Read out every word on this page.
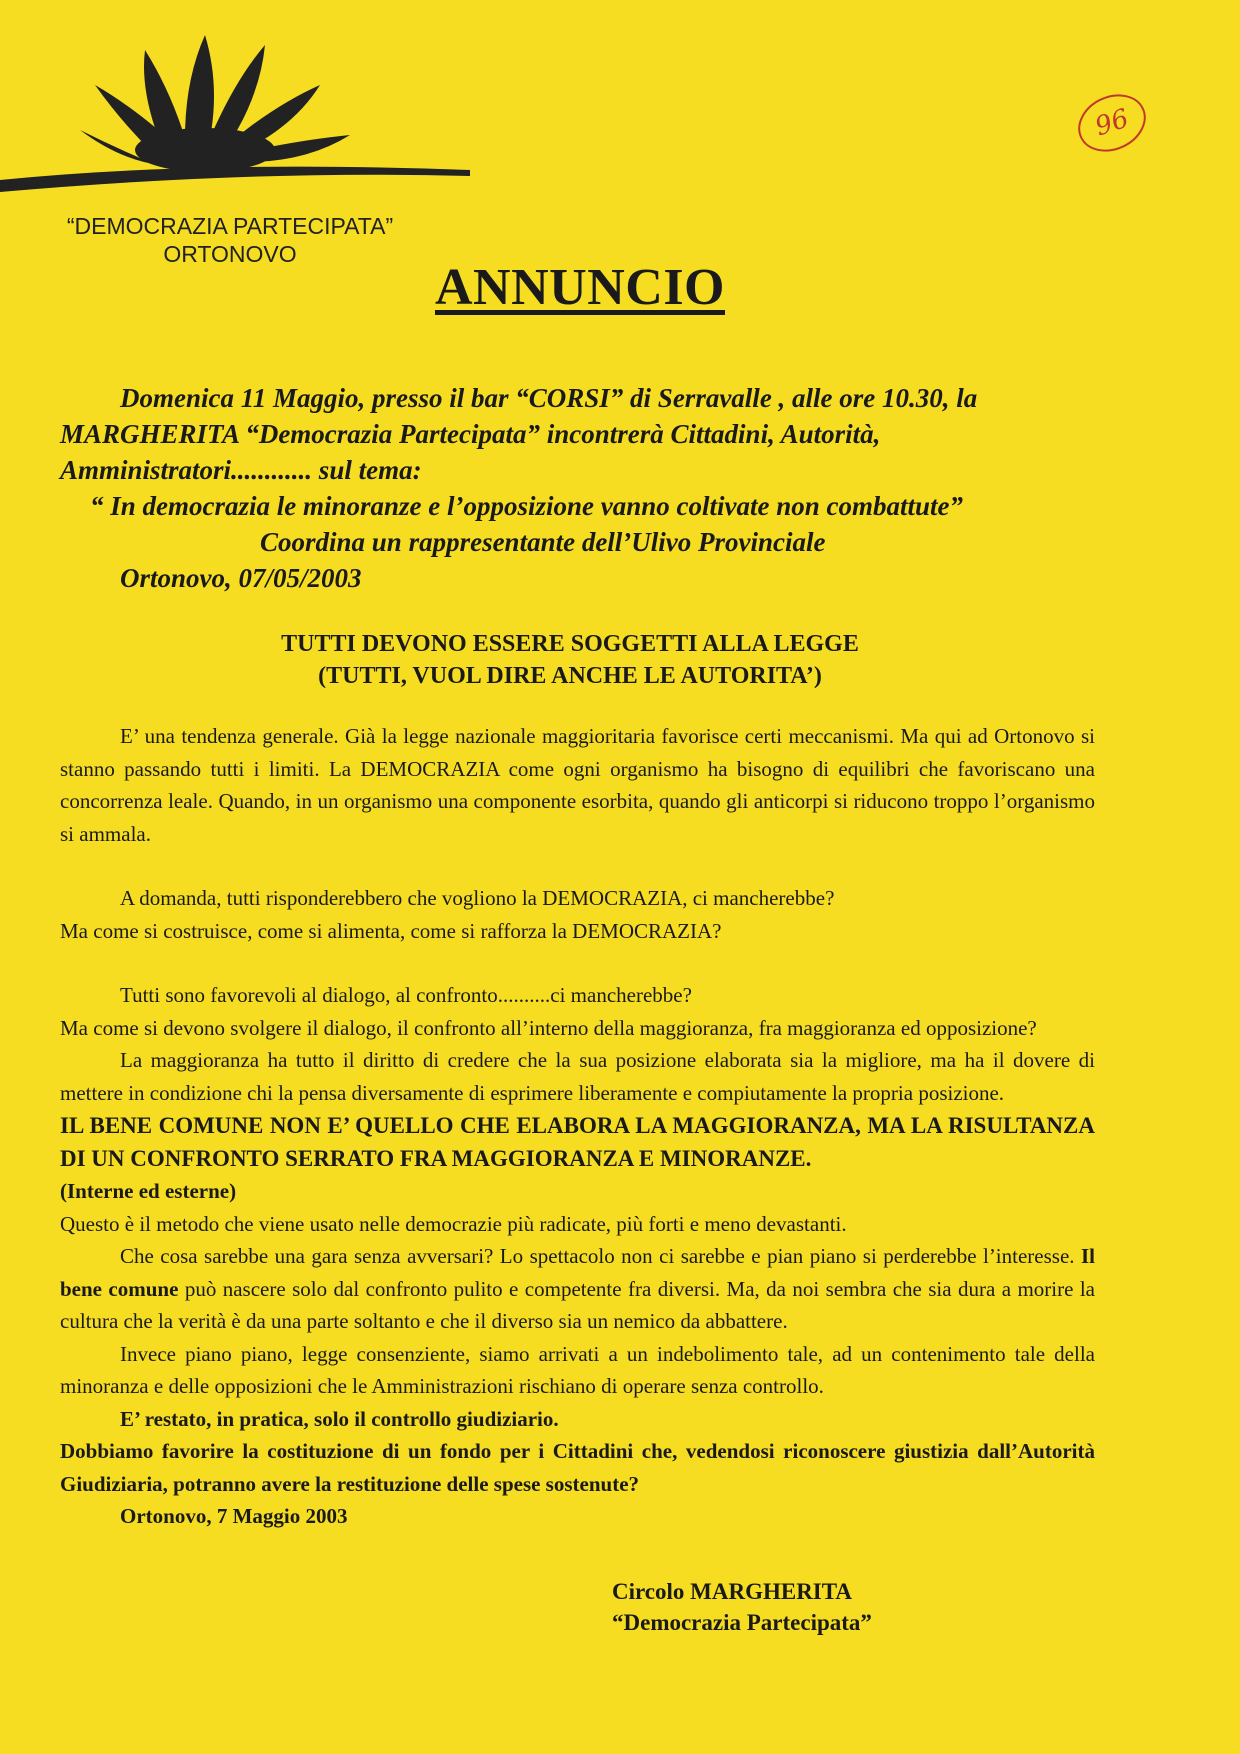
“DEMOCRAZIA PARTECIPATA”
ORTONOVO
96
ANNUNCIO

Domenica 11 Maggio, presso il bar “CORSI” di Serravalle , alle ore 10.30, la MARGHERITA “Democrazia Partecipata” incontrerà Cittadini, Autorità, Amministratori............ sul tema:

“ In democrazia le minoranze e l’opposizione vanno coltivate non combattute”

Coordina un rappresentante dell’Ulivo Provinciale

Ortonovo, 07/05/2003

TUTTI DEVONO ESSERE SOGGETTI ALLA LEGGE
(TUTTI, VUOL DIRE ANCHE LE AUTORITA’)

E’ una tendenza generale. Già la legge nazionale maggioritaria favorisce certi meccanismi. Ma qui ad Ortonovo si stanno passando tutti i limiti. La DEMOCRAZIA come ogni organismo ha bisogno di equilibri che favoriscano una concorrenza leale. Quando, in un organismo una componente esorbita, quando gli anticorpi si riducono troppo l’organismo si ammala.

A domanda, tutti risponderebbero che vogliono la DEMOCRAZIA, ci mancherebbe?

Ma come si costruisce, come si alimenta, come si rafforza la DEMOCRAZIA?

Tutti sono favorevoli al dialogo, al confronto..........ci mancherebbe?

Ma come si devono svolgere il dialogo, il confronto all’interno della maggioranza, fra maggioranza ed opposizione?

La maggioranza ha tutto il diritto di credere che la sua posizione elaborata sia la migliore, ma ha il dovere di mettere in condizione chi la pensa diversamente di esprimere liberamente e compiutamente la propria posizione.

IL BENE COMUNE NON E’ QUELLO CHE ELABORA LA MAGGIORANZA, MA LA RISULTANZA DI UN CONFRONTO SERRATO FRA MAGGIORANZA E MINORANZE.

(Interne ed esterne)

Questo è il metodo che viene usato nelle democrazie più radicate, più forti e meno devastanti.

Che cosa sarebbe una gara senza avversari? Lo spettacolo non ci sarebbe e pian piano si perderebbe l’interesse. Il bene comune può nascere solo dal confronto pulito e competente fra diversi. Ma, da noi sembra che sia dura a morire la cultura che la verità è da una parte soltanto e che il diverso sia un nemico da abbattere.

Invece piano piano, legge consenziente, siamo arrivati a un indebolimento tale, ad un contenimento tale della minoranza e delle opposizioni che le Amministrazioni rischiano di operare senza controllo.

E’ restato, in pratica, solo il controllo giudiziario.

Dobbiamo favorire la costituzione di un fondo per i Cittadini che, vedendosi riconoscere giustizia dall’Autorità Giudiziaria, potranno avere la restituzione delle spese sostenute?

Ortonovo, 7 Maggio 2003

Circolo MARGHERITA
“Democrazia Partecipata”
